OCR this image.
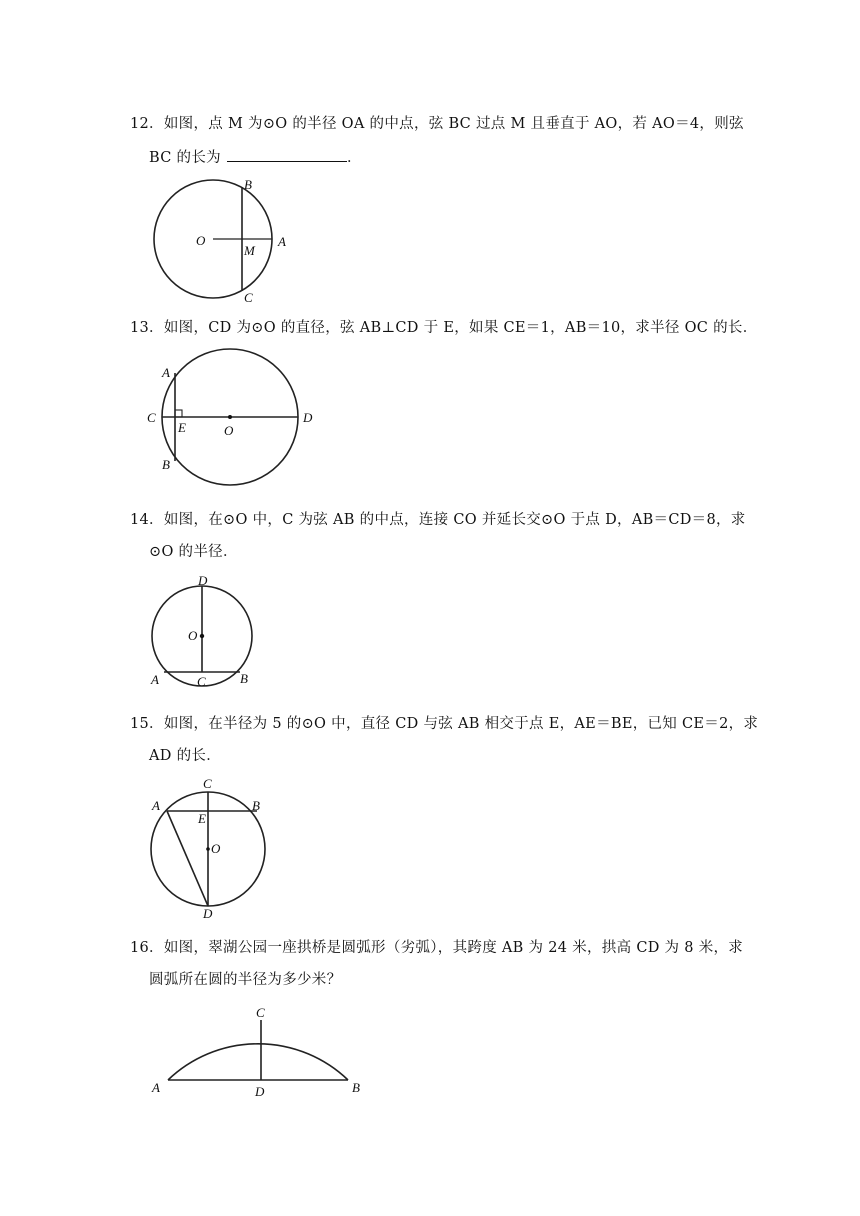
12．如图，点 M 为⊙O 的半径 OA 的中点，弦 BC 过点 M 且垂直于 AO，若 AO＝4，则弦
BC 的长为	．
B
O
M
A
C
13．如图，CD 为⊙O 的直径，弦 AB⊥CD 于 E，如果 CE＝1，AB＝10，求半径 OC 的长．
A
C
E	O
D
B
14．如图，在⊙O 中，C 为弦 AB 的中点，连接 CO 并延长交⊙O 于点 D，AB＝CD＝8，求
⊙O 的半径．
D
O
A	C	B
15．如图，在半径为 5 的⊙O 中，直径 CD 与弦 AB 相交于点 E，AE＝BE，已知 CE＝2，求
AD 的长．
C
A	B
E
O
D
16．如图，翠湖公园一座拱桥是圆弧形（劣弧），其跨度 AB 为 24 米，拱高 CD 为 8 米，求
圆弧所在圆的半径为多少米？
C
A	D	B
